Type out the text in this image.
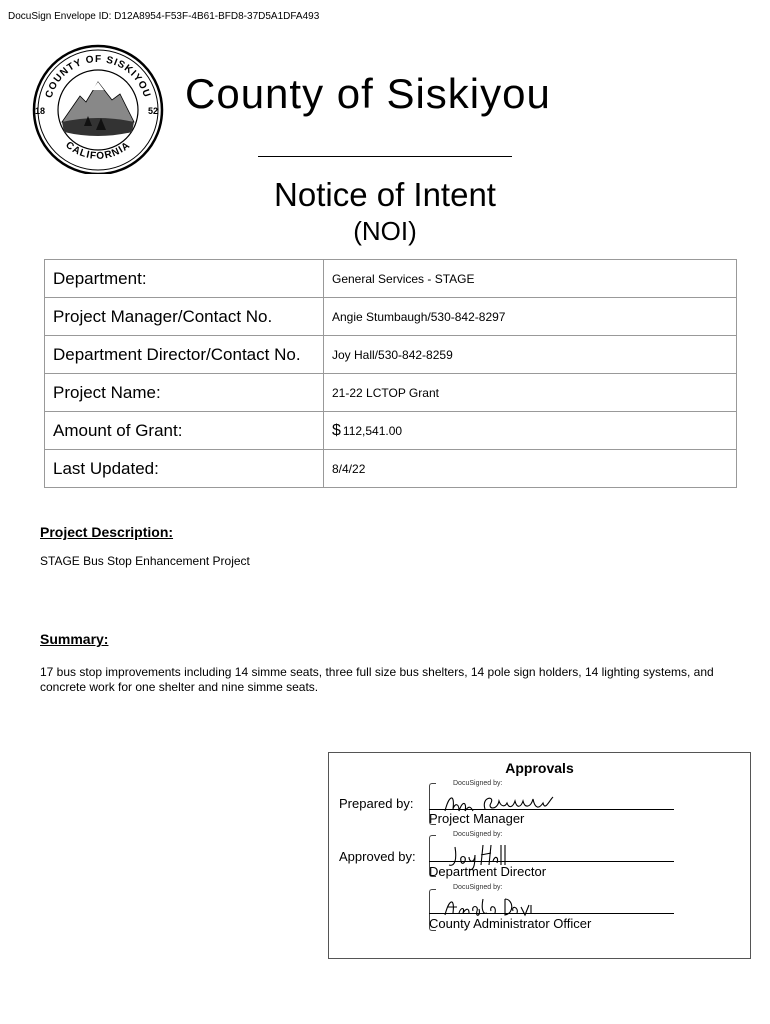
DocuSign Envelope ID: D12A8954-F53F-4B61-BFD8-37D5A1DFA493
COUNTY OF SISKIYOU
CALIFORNIA
18	52 County of Siskiyou
Notice of Intent
(NOI)
Department:	General Services - STAGE
Project Manager/Contact No.	Angie Stumbaugh/530-842-8297
Department Director/Contact No.	Joy Hall/530-842-8259
Project Name:	21-22 LCTOP Grant
Amount of Grant:	$ 112,541.00
Last Updated:	8/4/22
Project Description:
STAGE Bus Stop Enhancement Project
Summary:
17 bus stop improvements including 14 simme seats, three full size bus shelters, 14 pole sign holders, 14 lighting systems, and concrete work for one shelter and nine simme seats.
Approvals
DocuSigned by:
Prepared by:
Project Manager
DocuSigned by:
Approved by:
Department Director
DocuSigned by:
County Administrator Officer
